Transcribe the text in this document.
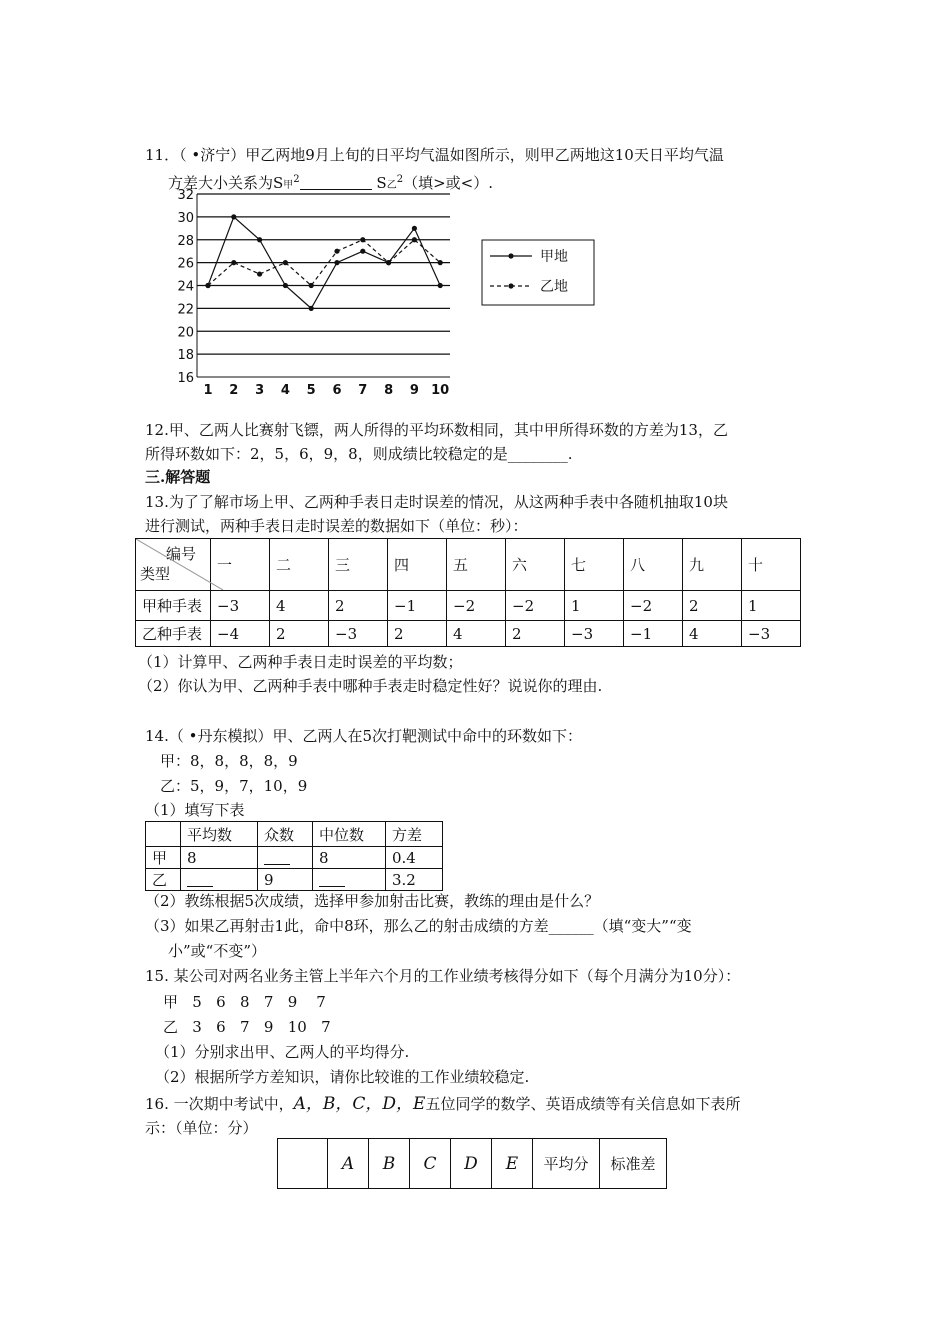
11．（ •济宁）甲乙两地9月上旬的日平均气温如图所示，则甲乙两地这10天日平均气温
方差大小关系为S甲$^2$	S乙$^2$（填>或<）.
16
18
20
22
24
26
28
30
32
1 2 3 4 5 6 7 8 9 10
甲地
乙地
12.甲、乙两人比赛射飞镖，两人所得的平均环数相同，其中甲所得环数的方差为13，乙
所得环数如下：2，5，6，9，8，则成绩比较稳定的是________.
三.解答题
13.为了了解市场上甲、乙两种手表日走时误差的情况，从这两种手表中各随机抽取10块
进行测试，两种手表日走时误差的数据如下（单位：秒）：
编号
类型	一	二	三	四	五	六	七	八	九	十
甲种手表	−3	4	2	−1	−2	−2	1	−2	2	1
乙种手表	−4	2	−3	2	4	2	−3	−1	4	−3
（1）计算甲、乙两种手表日走时误差的平均数；
（2）你认为甲、乙两种手表中哪种手表走时稳定性好？说说你的理由.
14.（ •丹东模拟）甲、乙两人在5次打靶测试中命中的环数如下：
甲：8，8，8，8，9
乙：5，9，7，10，9
（1）填写下表
	平均数	众数	中位数	方差
甲	8		8	0.4
乙		9		3.2
（2）教练根据5次成绩，选择甲参加射击比赛，教练的理由是什么？
（3）如果乙再射击1此，命中8环，那么乙的射击成绩的方差______（填“变大”“变
小”或“不变”）
15. 某公司对两名业务主管上半年六个月的工作业绩考核得分如下（每个月满分为10分）：
甲   5   6   8   7   9    7
乙   3   6   7   9   10   7
（1）分别求出甲、乙两人的平均得分.
（2）根据所学方差知识，请你比较谁的工作业绩较稳定.
16. 一次期中考试中，A，B，C，D，E五位同学的数学、英语成绩等有关信息如下表所
示：（单位：分）
	A	B	C	D	E	平均分	标准差
